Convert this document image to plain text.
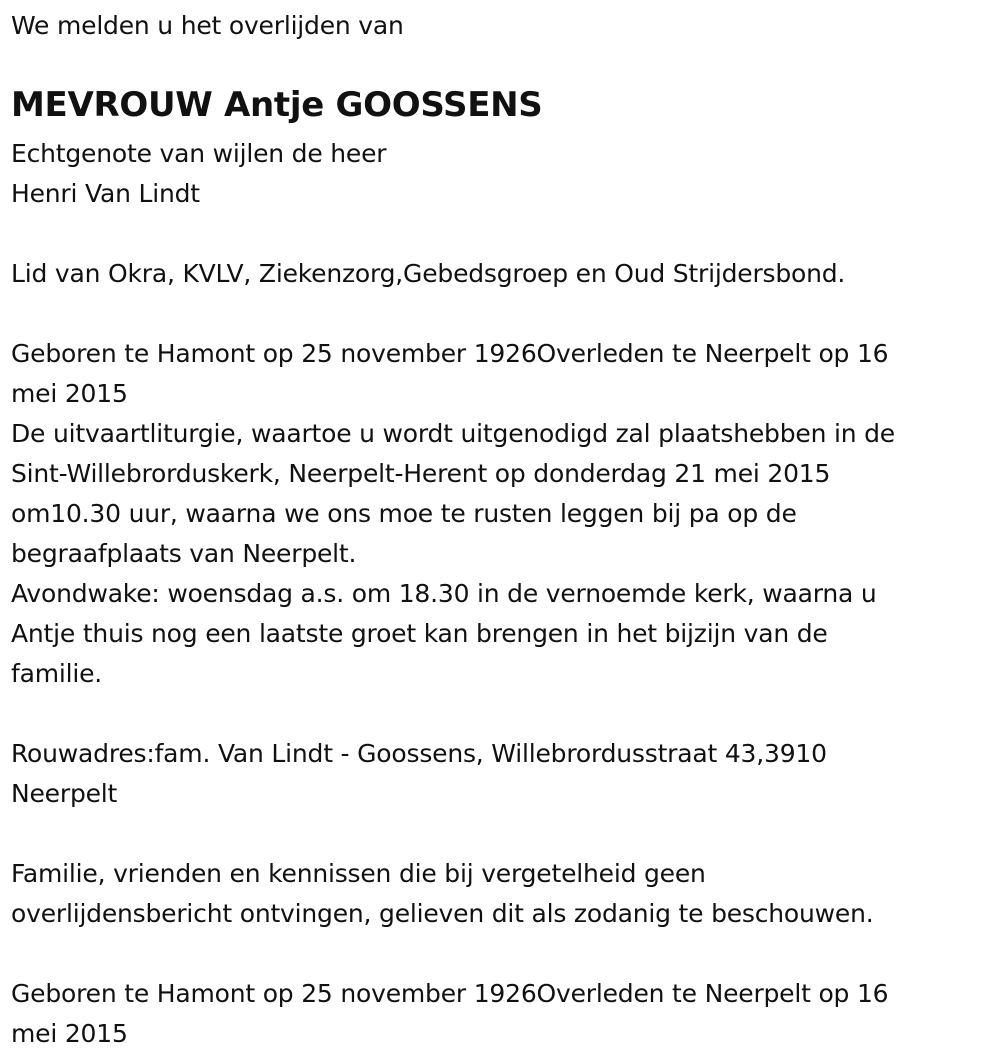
We melden u het overlijden van
MEVROUW Antje GOOSSENS
Echtgenote van wijlen de heer
Henri Van Lindt
Lid van Okra, KVLV, Ziekenzorg,Gebedsgroep en Oud Strijdersbond.
Geboren te Hamont op 25 november 1926Overleden te Neerpelt op 16
mei 2015
De uitvaartliturgie, waartoe u wordt uitgenodigd zal plaatshebben in de
Sint-Willebrorduskerk, Neerpelt-Herent op donderdag 21 mei 2015
om10.30 uur, waarna we ons moe te rusten leggen bij pa op de
begraafplaats van Neerpelt.
Avondwake: woensdag a.s. om 18.30 in de vernoemde kerk, waarna u
Antje thuis nog een laatste groet kan brengen in het bijzijn van de
familie.
Rouwadres:fam. Van Lindt - Goossens, Willebrordusstraat 43,3910
Neerpelt
Familie, vrienden en kennissen die bij vergetelheid geen
overlijdensbericht ontvingen, gelieven dit als zodanig te beschouwen.
Geboren te Hamont op 25 november 1926Overleden te Neerpelt op 16
mei 2015
